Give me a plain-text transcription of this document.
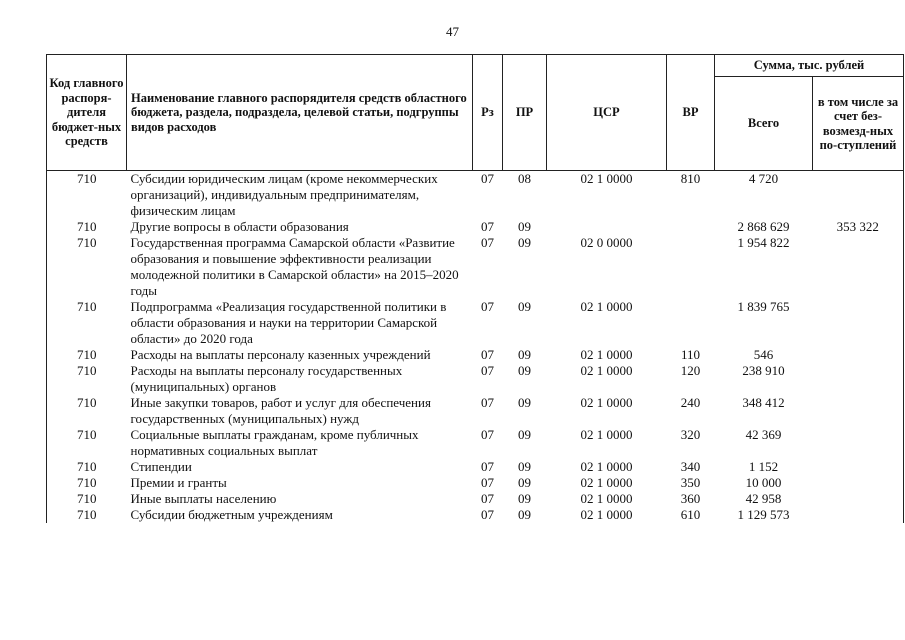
47
Код главного распоря-дителя бюджет-ных средств	Наименование главного распорядителя средств областного бюджета, раздела, подраздела, целевой статьи, подгруппы видов расходов	Рз	ПР	ЦСР	ВР	Сумма, тыс. рублей	
						Всего	в том числе за счет без-возмезд-ных по-ступлений
710	Субсидии юридическим лицам (кроме некоммерческих организаций), индивидуальным предпринимателям, физическим лицам	07	08	02 1 0000	810	4 720	
710	Другие вопросы в области образования	07	09			2 868 629	353 322
710	Государственная программа Самарской области «Развитие образования и повышение эффективности реализации молодежной политики в Самарской области» на 2015–2020 годы	07	09	02 0 0000		1 954 822	
710	Подпрограмма «Реализация государственной политики в области образования и науки на территории Самарской области» до 2020 года	07	09	02 1 0000		1 839 765	
710	Расходы на выплаты персоналу казенных учреждений	07	09	02 1 0000	110	546	
710	Расходы на выплаты персоналу государственных (муниципальных) органов	07	09	02 1 0000	120	238 910	
710	Иные закупки товаров, работ и услуг для обеспечения государственных (муниципальных) нужд	07	09	02 1 0000	240	348 412	
710	Социальные выплаты гражданам, кроме публичных нормативных социальных выплат	07	09	02 1 0000	320	42 369	
710	Стипендии	07	09	02 1 0000	340	1 152	
710	Премии и гранты	07	09	02 1 0000	350	10 000	
710	Иные выплаты населению	07	09	02 1 0000	360	42 958	
710	Субсидии бюджетным учреждениям	07	09	02 1 0000	610	1 129 573	
